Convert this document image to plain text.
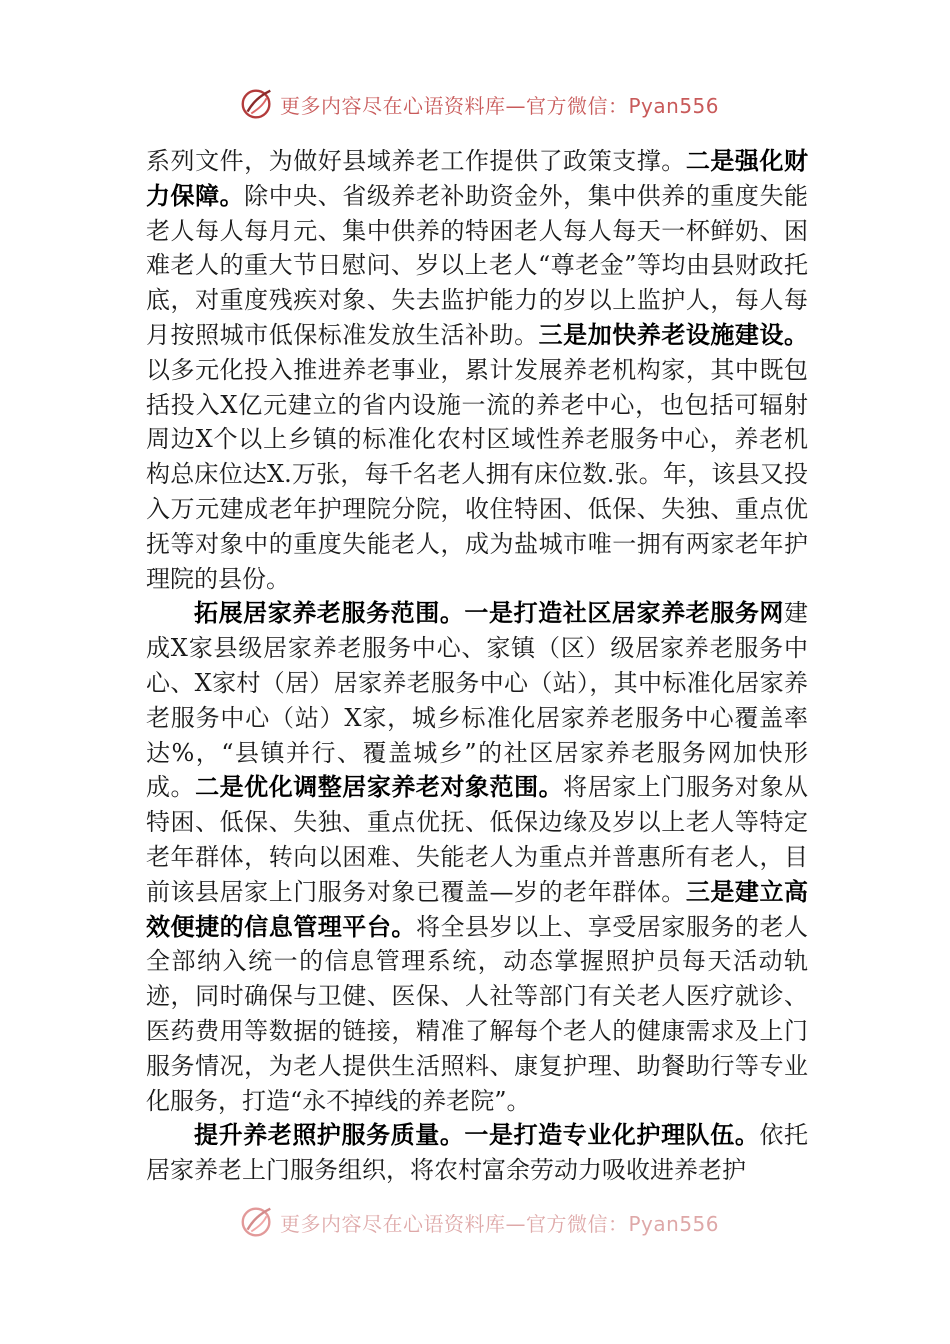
更多内容尽在心语资料库—官方微信：Pyan556

系列文件，为做好县域养老工作提供了政策支撑。二是强化财力保障。除中央、省级养老补助资金外，集中供养的重度失能老人每人每月元、集中供养的特困老人每人每天一杯鲜奶、困难老人的重大节日慰问、岁以上老人“尊老金”等均由县财政托底，对重度残疾对象、失去监护能力的岁以上监护人，每人每月按照城市低保标准发放生活补助。三是加快养老设施建设。以多元化投入推进养老事业，累计发展养老机构家，其中既包括投入X亿元建立的省内设施一流的养老中心，也包括可辐射周边X个以上乡镇的标准化农村区域性养老服务中心，养老机构总床位达X.万张，每千名老人拥有床位数.张。年，该县又投入万元建成老年护理院分院，收住特困、低保、失独、重点优抚等对象中的重度失能老人，成为盐城市唯一拥有两家老年护理院的县份。

拓展居家养老服务范围。一是打造社区居家养老服务网建成X家县级居家养老服务中心、家镇（区）级居家养老服务中心、X家村（居）居家养老服务中心（站），其中标准化居家养老服务中心（站）X家，城乡标准化居家养老服务中心覆盖率达%，“县镇并行、覆盖城乡”的社区居家养老服务网加快形成。二是优化调整居家养老对象范围。将居家上门服务对象从特困、低保、失独、重点优抚、低保边缘及岁以上老人等特定老年群体，转向以困难、失能老人为重点并普惠所有老人，目前该县居家上门服务对象已覆盖—岁的老年群体。三是建立高效便捷的信息管理平台。将全县岁以上、享受居家服务的老人全部纳入统一的信息管理系统，动态掌握照护员每天活动轨迹，同时确保与卫健、医保、人社等部门有关老人医疗就诊、医药费用等数据的链接，精准了解每个老人的健康需求及上门服务情况，为老人提供生活照料、康复护理、助餐助行等专业化服务，打造“永不掉线的养老院”。

提升养老照护服务质量。一是打造专业化护理队伍。依托居家养老上门服务组织，将农村富余劳动力吸收进养老护

更多内容尽在心语资料库—官方微信：Pyan556
